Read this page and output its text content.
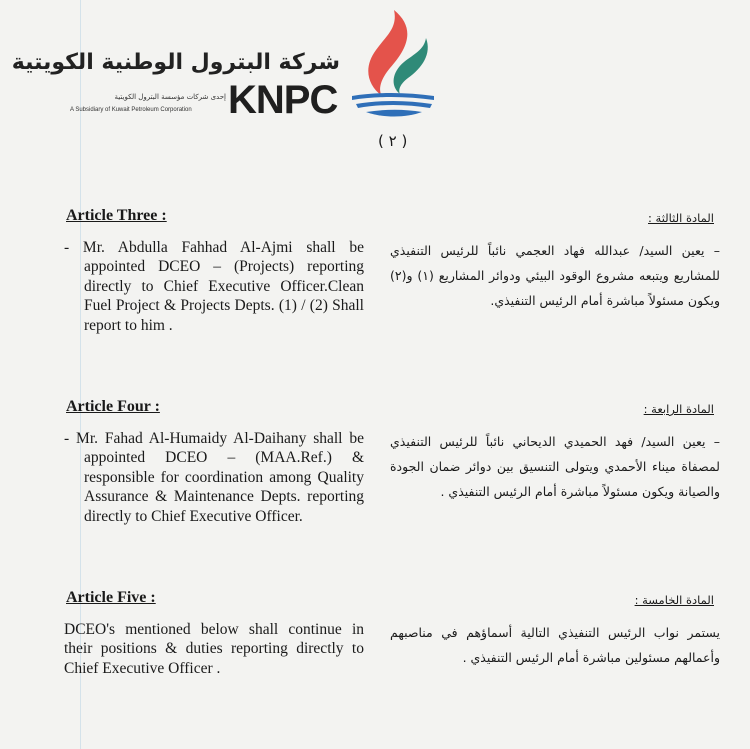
شركة البترول الوطنية الكويتية
KNPC
إحدى شركات مؤسسة البترول الكويتية
A Subsidiary of Kuwait Petroleum Corporation
( ٢ )
Article Three :	المادة الثالثة :
- Mr. Abdulla Fahhad Al-Ajmi shall be appointed DCEO – (Projects) reporting directly to Chief Executive Officer.Clean Fuel Project & Projects Depts. (1) / (2) Shall report to him .
– يعين السيد/ عبدالله فهاد العجمي نائباً للرئيس التنفيذي للمشاريع ويتبعه مشروع الوقود البيئي ودوائر المشاريع (١) و(٢) ويكون مسئولاً مباشرة أمام الرئيس التنفيذي.
Article Four :	المادة الرابعة :
- Mr. Fahad Al-Humaidy Al-Daihany shall be appointed DCEO – (MAA.Ref.) & responsible for coordination among Quality Assurance & Maintenance Depts. reporting directly to Chief Executive Officer.
– يعين السيد/ فهد الحميدي الديحاني نائباً للرئيس التنفيذي لمصفاة ميناء الأحمدي ويتولى التنسيق بين دوائر ضمان الجودة والصيانة ويكون مسئولاً مباشرة أمام الرئيس التنفيذي .
Article Five :	المادة الخامسة :
DCEO's mentioned below shall continue in their positions & duties reporting directly to Chief Executive Officer .
يستمر نواب الرئيس التنفيذي التالية أسماؤهم في مناصبهم وأعمالهم مسئولين مباشرة أمام الرئيس التنفيذي .
